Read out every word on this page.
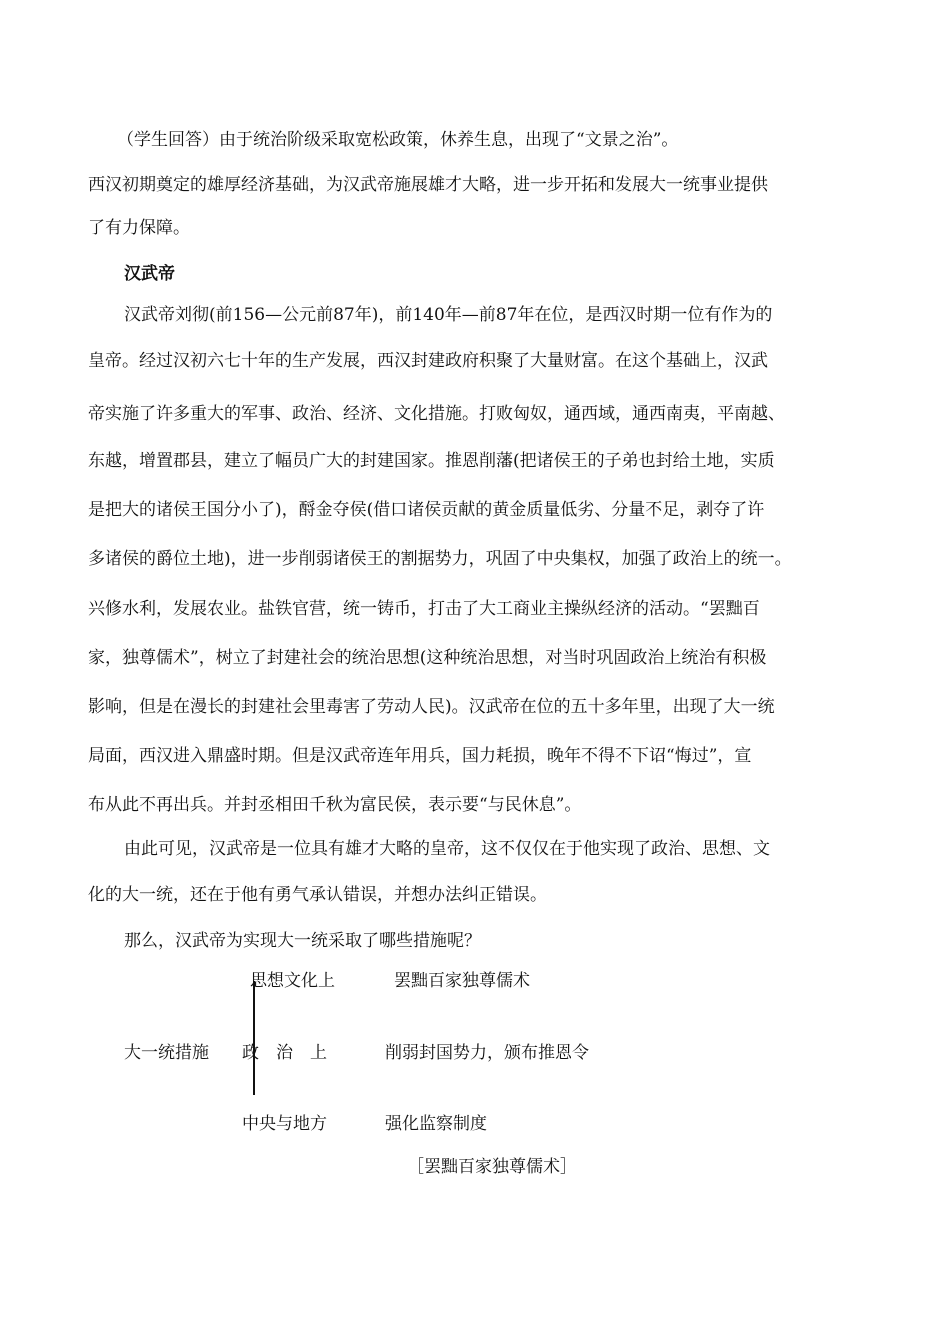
（学生回答）由于统治阶级采取宽松政策，休养生息，出现了“文景之治”。
西汉初期奠定的雄厚经济基础，为汉武帝施展雄才大略，进一步开拓和发展大一统事业提供
了有力保障。
汉武帝
汉武帝刘彻(前156—公元前87年)，前140年—前87年在位，是西汉时期一位有作为的
皇帝。经过汉初六七十年的生产发展，西汉封建政府积聚了大量财富。在这个基础上，汉武
帝实施了许多重大的军事、政治、经济、文化措施。打败匈奴，通西域，通西南夷，平南越、
东越，增置郡县，建立了幅员广大的封建国家。推恩削藩(把诸侯王的子弟也封给土地，实质
是把大的诸侯王国分小了)，酹金夺侯(借口诸侯贡献的黄金质量低劣、分量不足，剥夺了许
多诸侯的爵位土地)，进一步削弱诸侯王的割据势力，巩固了中央集权，加强了政治上的统一。
兴修水利，发展农业。盐铁官营，统一铸币，打击了大工商业主操纵经济的活动。“罢黜百
家，独尊儒术”，树立了封建社会的统治思想(这种统治思想，对当时巩固政治上统治有积极
影响，但是在漫长的封建社会里毒害了劳动人民)。汉武帝在位的五十多年里，出现了大一统
局面，西汉进入鼎盛时期。但是汉武帝连年用兵，国力耗损，晚年不得不下诏“悔过”，宣
布从此不再出兵。并封丞相田千秋为富民侯，表示要“与民休息”。
由此可见，汉武帝是一位具有雄才大略的皇帝，这不仅仅在于他实现了政治、思想、文
化的大一统，还在于他有勇气承认错误，并想办法纠正错误。
那么，汉武帝为实现大一统采取了哪些措施呢？
大一统措施
思想文化上	罢黜百家独尊儒术
政　治　上	削弱封国势力，颁布推恩令
中央与地方	强化监察制度
［罢黜百家独尊儒术］
